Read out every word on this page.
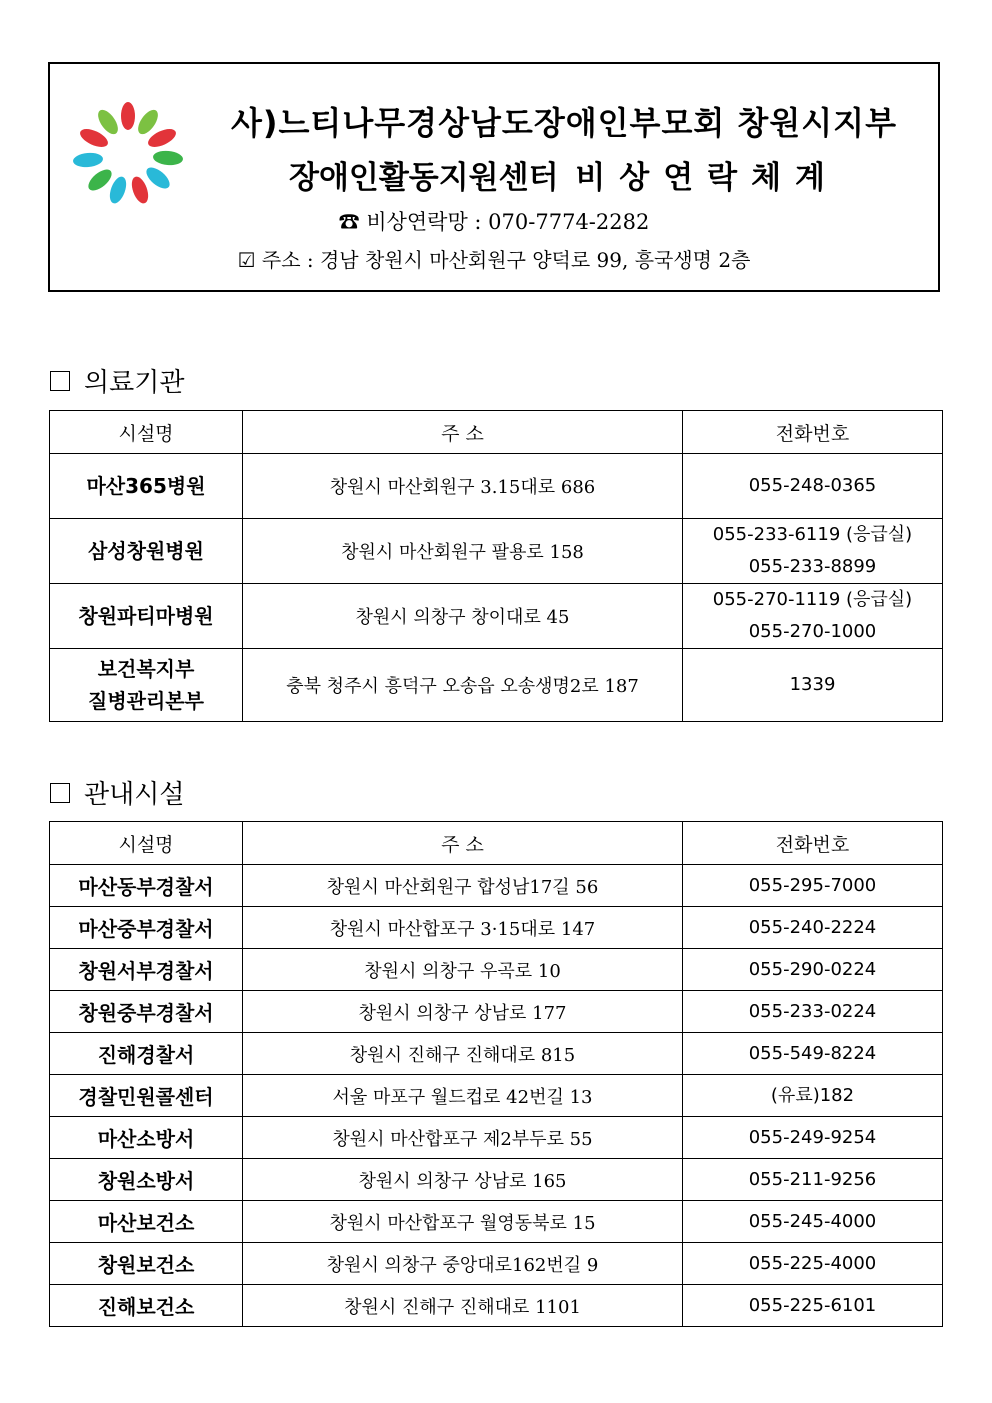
사)느티나무경상남도장애인부모회 창원시지부
장애인활동지원센터 비상연락체계
☎ 비상연락망 : 070-7774-2282
☑ 주소 : 경남 창원시 마산회원구 양덕로 99, 흥국생명 2층
의료기관
시설명	주 소	전화번호
마산365병원	창원시 마산회원구 3.15대로 686	055-248-0365
삼성창원병원	창원시 마산회원구 팔용로 158	055-233-6119 (응급실)
055-233-8899

창원파티마병원	창원시 의창구 창이대로 45	055-270-1119 (응급실)
055-270-1000

보건복지부
질병관리본부	충북 청주시 흥덕구 오송읍 오송생명2로 187	1339
관내시설
시설명	주 소	전화번호
마산동부경찰서	창원시 마산회원구 합성남17길 56	055-295-7000
마산중부경찰서	창원시 마산합포구 3·15대로 147	055-240-2224
창원서부경찰서	창원시 의창구 우곡로 10	055-290-0224
창원중부경찰서	창원시 의창구 상남로 177	055-233-0224
진해경찰서	창원시 진해구 진해대로 815	055-549-8224
경찰민원콜센터	서울 마포구 월드컵로 42번길 13	(유료)182
마산소방서	창원시 마산합포구 제2부두로 55	055-249-9254
창원소방서	창원시 의창구 상남로 165	055-211-9256
마산보건소	창원시 마산합포구 월영동북로 15	055-245-4000
창원보건소	창원시 의창구 중앙대로162번길 9	055-225-4000
진해보건소	창원시 진해구 진해대로 1101	055-225-6101
